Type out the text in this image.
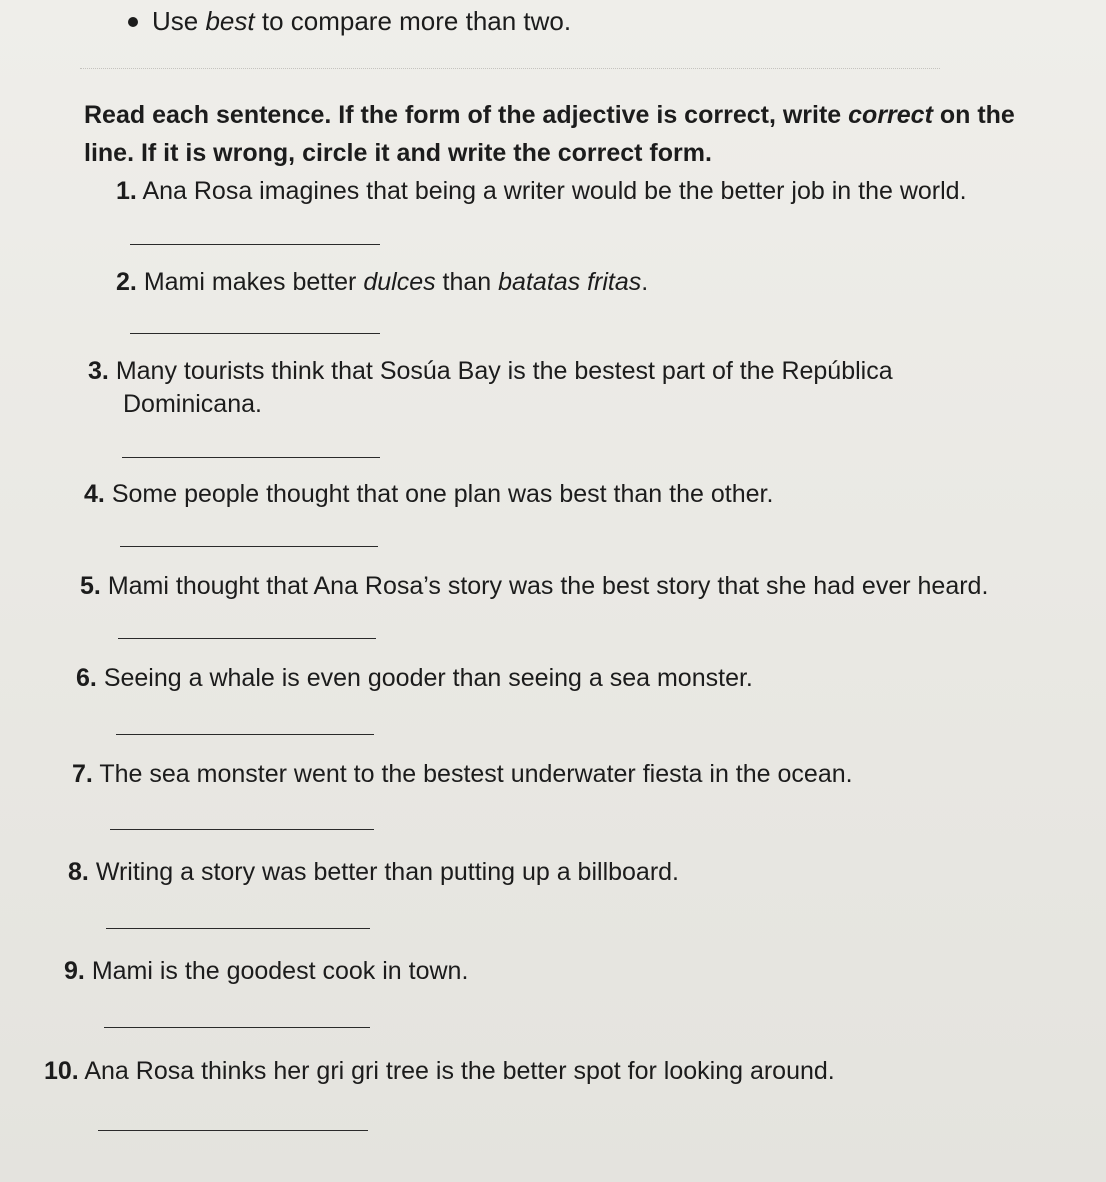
Use best to compare more than two.
Read each sentence. If the form of the adjective is correct, write correct on the line. If it is wrong, circle it and write the correct form.
1. Ana Rosa imagines that being a writer would be the better job in the world.
2. Mami makes better dulces than batatas fritas.
3. Many tourists think that Sosúa Bay is the bestest part of the República
Dominicana.
4. Some people thought that one plan was best than the other.
5. Mami thought that Ana Rosa’s story was the best story that she had ever heard.
6. Seeing a whale is even gooder than seeing a sea monster.
7. The sea monster went to the bestest underwater fiesta in the ocean.
8. Writing a story was better than putting up a billboard.
9. Mami is the goodest cook in town.
10. Ana Rosa thinks her gri gri tree is the better spot for looking around.
